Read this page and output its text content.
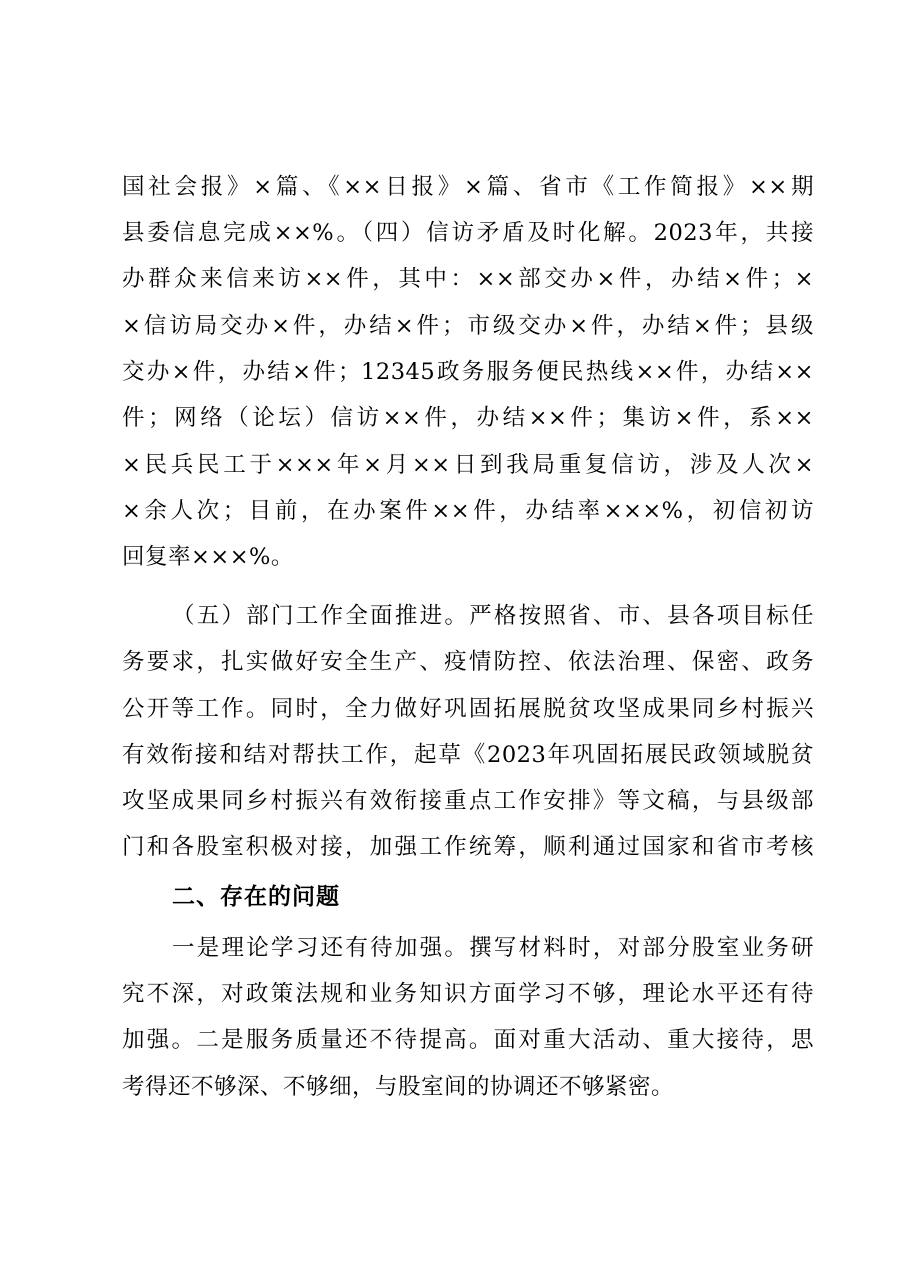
国社会报》×篇、《××日报》×篇、省市《工作简报》××期
县委信息完成××%。（四）信访矛盾及时化解。2023年，共接
办群众来信来访××件，其中：××部交办×件，办结×件；×
×信访局交办×件，办结×件；市级交办×件，办结×件；县级
交办×件，办结×件；12345政务服务便民热线××件，办结××
件；网络（论坛）信访××件，办结××件；集访×件，系××
×民兵民工于×××年×月××日到我局重复信访，涉及人次×
×余人次；目前，在办案件××件，办结率×××%，初信初访
回复率×××%。
（五）部门工作全面推进。严格按照省、市、县各项目标任
务要求，扎实做好安全生产、疫情防控、依法治理、保密、政务
公开等工作。同时，全力做好巩固拓展脱贫攻坚成果同乡村振兴
有效衔接和结对帮扶工作，起草《2023年巩固拓展民政领域脱贫
攻坚成果同乡村振兴有效衔接重点工作安排》等文稿，与县级部
门和各股室积极对接，加强工作统筹，顺利通过国家和省市考核
二、存在的问题
一是理论学习还有待加强。撰写材料时，对部分股室业务研
究不深，对政策法规和业务知识方面学习不够，理论水平还有待
加强。二是服务质量还不待提高。面对重大活动、重大接待，思
考得还不够深、不够细，与股室间的协调还不够紧密。
